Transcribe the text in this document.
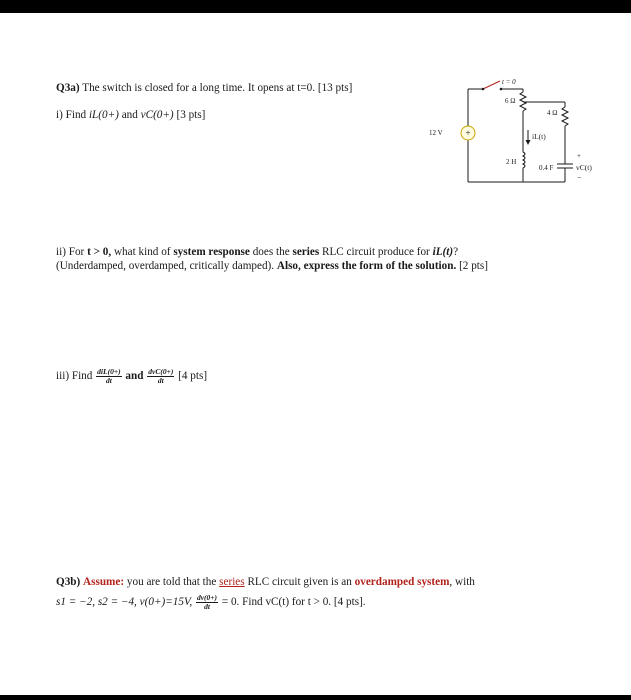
Q3a) The switch is closed for a long time. It opens at t=0. [13 pts]
i) Find iL(0+) and vC(0+) [3 pts]
+
12 V
t = 0
6 Ω
4 Ω
iL(t)
2 H
0.4 F
+
vC(t)
−
ii) For t > 0, what kind of system response does the series RLC circuit produce for iL(t)?
(Underdamped, overdamped, critically damped). Also, express the form of the solution. [2 pts]
iii) Find $\frac{\text{diL(0+)}}{dt}$ and $\frac{\text{dvC(0+)}}{dt} [4$ pts]
Q3b) Assume: you are told that the series RLC circuit given is an overdamped system, with
s1 = −2, s2 = −4, v(0+)=15V, $\frac{dv(0+)}{dt} = 0$. Find vC(t) for t > 0. [4 pts].
